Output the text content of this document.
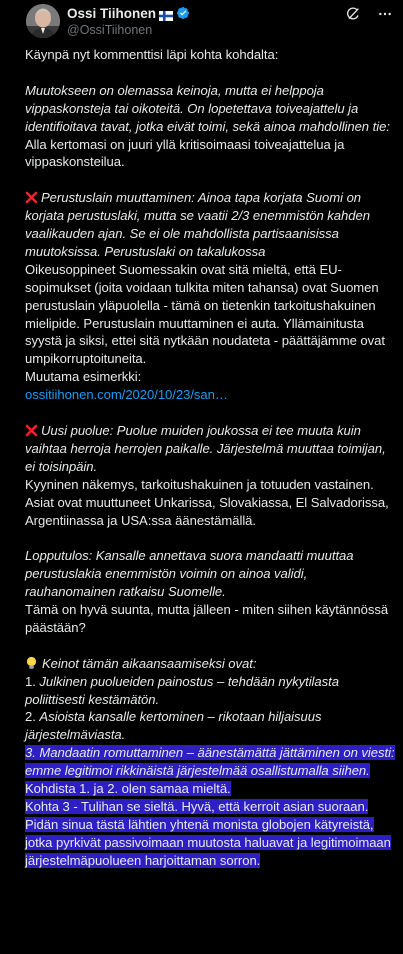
Ossi Tiihonen
@OssiTiihonen

Käynpä nyt kommenttisi läpi kohta kohdalta:

Muutokseen on olemassa keinoja, mutta ei helppoja vippaskonsteja tai oikoteitä. On lopetettava toiveajattelu ja identifioitava tavat, jotka eivät toimi, sekä ainoa mahdollinen tie:

Alla kertomasi on juuri yllä kritisoimaasi toiveajattelua ja vippaskonsteilua.

Perustuslain muuttaminen: Ainoa tapa korjata Suomi on korjata perustuslaki, mutta se vaatii 2/3 enemmistön kahden vaalikauden ajan. Se ei ole mahdollista partisaanisissa muutoksissa. Perustuslaki on takalukossa

Oikeusoppineet Suomessakin ovat sitä mieltä, että EU-sopimukset (joita voidaan tulkita miten tahansa) ovat Suomen perustuslain yläpuolella - tämä on tietenkin tarkoitushakuinen mielipide. Perustuslain muuttaminen ei auta. Yllämainitusta syystä ja siksi, ettei sitä nytkään noudateta - päättäjämme ovat umpikorruptoituneita.

Muutama esimerkki:

ossitiihonen.com/2020/10/23/san…

Uusi puolue: Puolue muiden joukossa ei tee muuta kuin vaihtaa herroja herrojen paikalle. Järjestelmä muuttaa toimijan, ei toisinpäin.

Kyyninen näkemys, tarkoitushakuinen ja totuuden vastainen.

Asiat ovat muuttuneet Unkarissa, Slovakiassa, El Salvadorissa, Argentiinassa ja USA:ssa äänestämällä.

Lopputulos: Kansalle annettava suora mandaatti muuttaa perustuslakia enemmistön voimin on ainoa validi, rauhanomainen ratkaisu Suomelle.

Tämä on hyvä suunta, mutta jälleen - miten siihen käytännössä päästään?

Keinot tämän aikaansaamiseksi ovat:

1. Julkinen puolueiden painostus – tehdään nykytilasta poliittisesti kestämätön.

2. Asioista kansalle kertominen – rikotaan hiljaisuus järjestelmäviasta.

3. Mandaatin romuttaminen – äänestämättä jättäminen on viesti: emme legitimoi rikkinäistä järjestelmää osallistumalla siihen.

Kohdista 1. ja 2. olen samaa mieltä.

Kohta 3 - Tulihan se sieltä. Hyvä, että kerroit asian suoraan. Pidän sinua tästä lähtien yhtenä monista globojen kätyreistä, jotka pyrkivät passivoimaan muutosta haluavat ja legitimoimaan järjestelmäpuolueen harjoittaman sorron.
